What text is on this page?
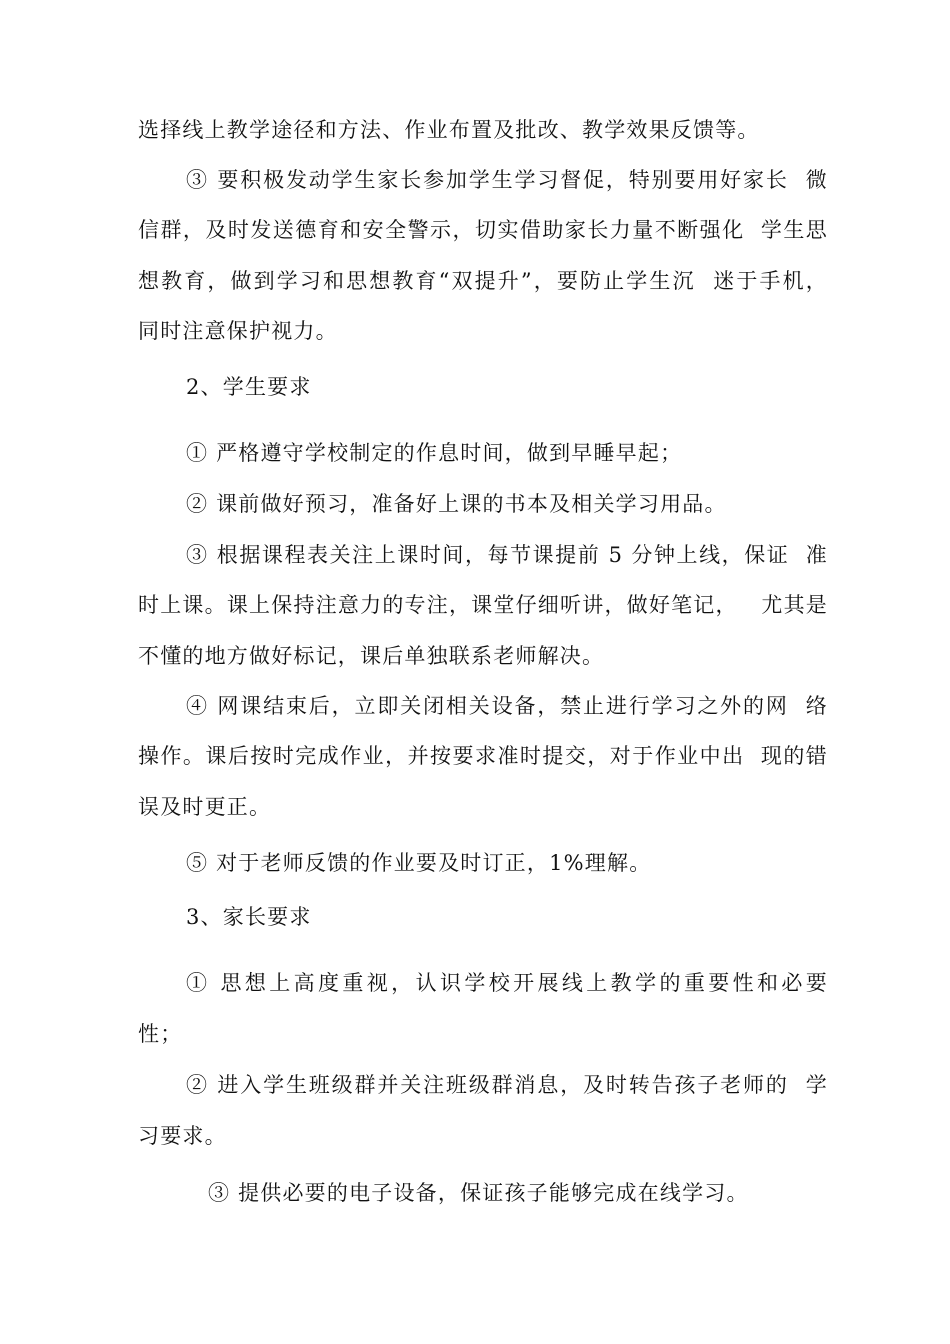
选择线上教学途径和方法、作业布置及批改、教学效果反馈等。
③ 要积极发动学生家长参加学生学习督促，特别要用好家长  微
信群，及时发送德育和安全警示，切实借助家长力量不断强化  学生思
想教育，做到学习和思想教育“双提升”，要防止学生沉  迷于手机，
同时注意保护视力。
2、学生要求
① 严格遵守学校制定的作息时间，做到早睡早起；
② 课前做好预习，准备好上课的书本及相关学习用品。
③ 根据课程表关注上课时间，每节课提前 5 分钟上线，保证  准
时上课。课上保持注意力的专注，课堂仔细听讲，做好笔记，   尤其是
不懂的地方做好标记，课后单独联系老师解决。
④ 网课结束后，立即关闭相关设备，禁止进行学习之外的网  络
操作。课后按时完成作业，并按要求准时提交，对于作业中出  现的错
误及时更正。
⑤ 对于老师反馈的作业要及时订正，1%理解。
3、家长要求
① 思想上高度重视，认识学校开展线上教学的重要性和必要
性；
② 进入学生班级群并关注班级群消息，及时转告孩子老师的  学
习要求。
③ 提供必要的电子设备，保证孩子能够完成在线学习。
